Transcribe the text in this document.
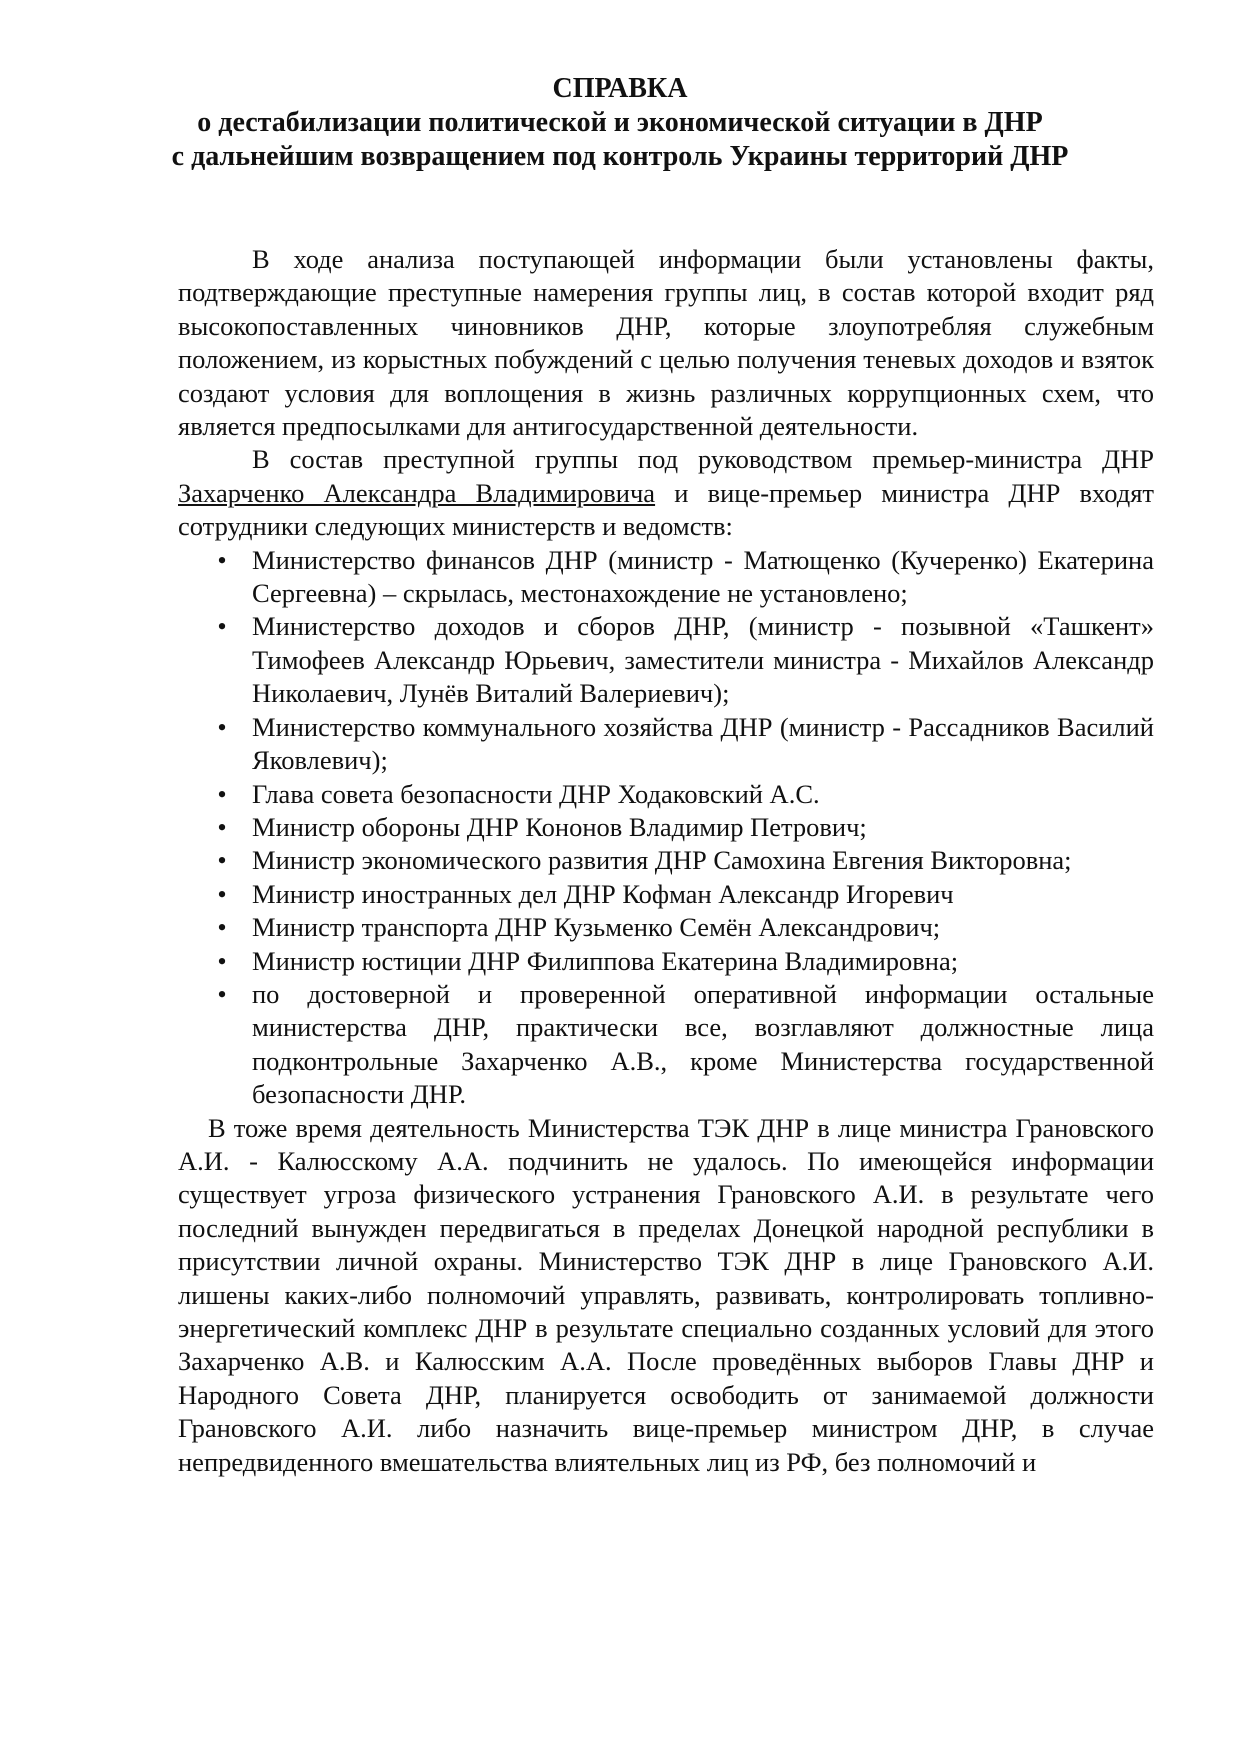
СПРАВКА
о дестабилизации политической и экономической ситуации в ДНР
с дальнейшим возвращением под контроль Украины территорий ДНР

В ходе анализа поступающей информации были установлены факты, подтверждающие преступные намерения группы лиц, в состав которой входит ряд высокопоставленных чиновников ДНР, которые злоупотребляя служебным положением, из корыстных побуждений с целью получения теневых доходов и взяток создают условия для воплощения в жизнь различных коррупционных схем, что является предпосылками для антигосударственной деятельности.

В состав преступной группы под руководством премьер-министра ДНР Захарченко Александра Владимировича и вице-премьер министра ДНР входят сотрудники следующих министерств и ведомств:

• Министерство финансов ДНР (министр - Матющенко (Кучеренко) Екатерина Сергеевна) – скрылась, местонахождение не установлено;
• Министерство доходов и сборов ДНР, (министр - позывной «Ташкент» Тимофеев Александр Юрьевич, заместители министра - Михайлов Александр Николаевич, Лунёв Виталий Валериевич);
• Министерство коммунального хозяйства ДНР (министр - Рассадников Василий Яковлевич);
• Глава совета безопасности ДНР Ходаковский А.С.
• Министр обороны ДНР Кононов Владимир Петрович;
• Министр экономического развития ДНР Самохина Евгения Викторовна;
• Министр иностранных дел ДНР Кофман Александр Игоревич
• Министр транспорта ДНР Кузьменко Семён Александрович;
• Министр юстиции ДНР Филиппова Екатерина Владимировна;
• по достоверной и проверенной оперативной информации остальные министерства ДНР, практически все, возглавляют должностные лица подконтрольные Захарченко А.В., кроме Министерства государственной безопасности ДНР.

В тоже время деятельность Министерства ТЭК ДНР в лице министра Грановского А.И. - Калюсскому А.А. подчинить не удалось. По имеющейся информации существует угроза физического устранения Грановского А.И. в результате чего последний вынужден передвигаться в пределах Донецкой народной республики в присутствии личной охраны. Министерство ТЭК ДНР в лице Грановского А.И. лишены каких-либо полномочий управлять, развивать, контролировать топливно-энергетический комплекс ДНР в результате специально созданных условий для этого Захарченко А.В. и Калюсским А.А. После проведённых выборов Главы ДНР и Народного Совета ДНР, планируется освободить от занимаемой должности Грановского А.И. либо назначить вице-премьер министром ДНР, в случае непредвиденного вмешательства влиятельных лиц из РФ, без полномочий и
